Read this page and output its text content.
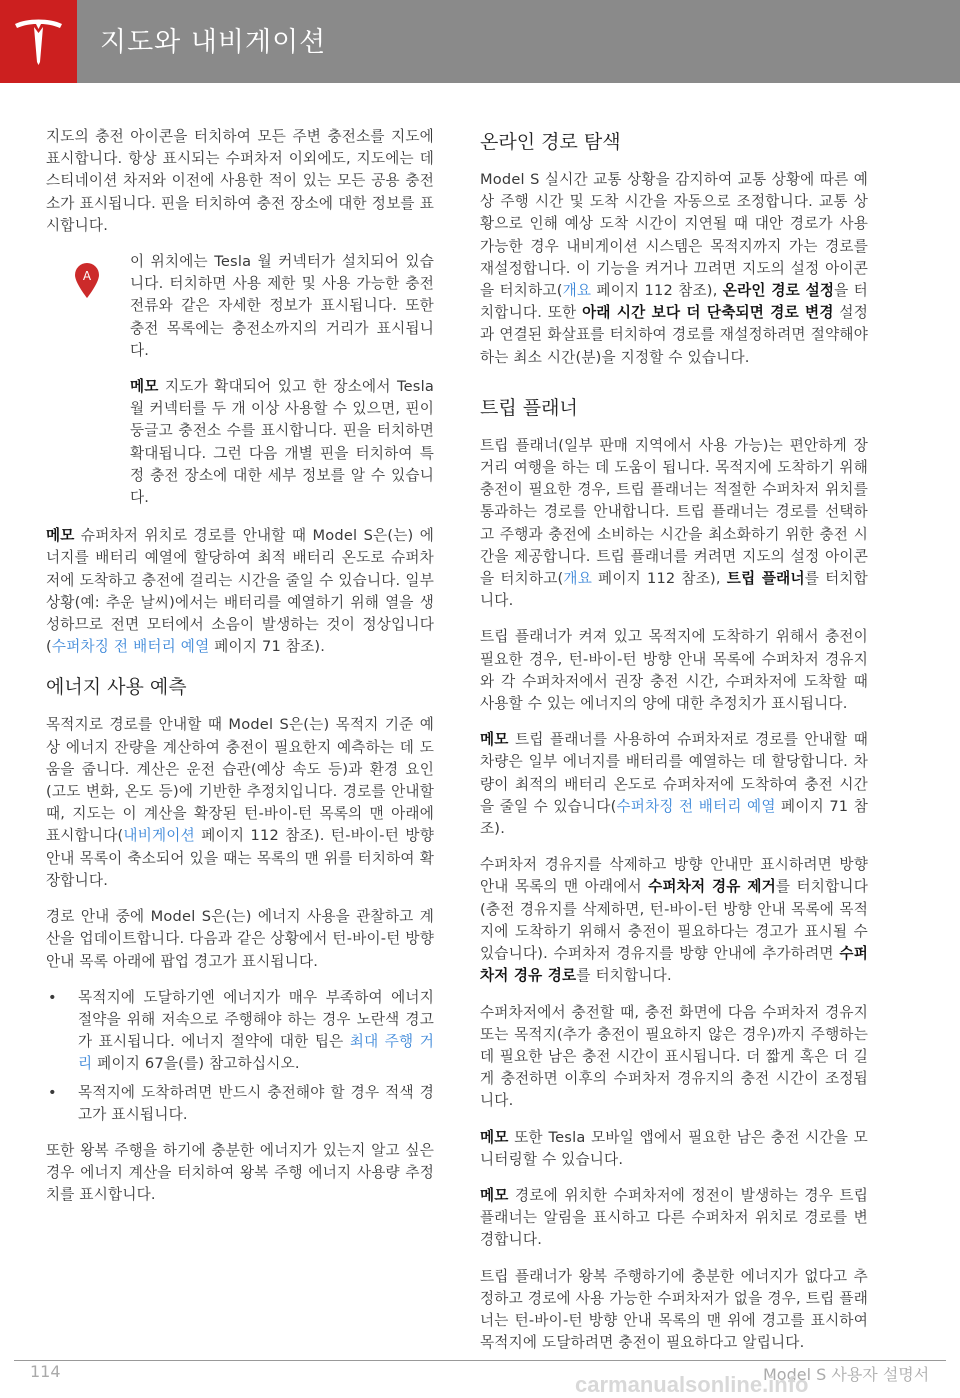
지도와 내비게이션

지도의 충전 아이콘을 터치하여 모든 주변 충전소를 지도에 표시합니다. 항상 표시되는 수퍼차저 이외에도, 지도에는 데스티네이션 차저와 이전에 사용한 적이 있는 모든 공용 충전소가 표시됩니다. 핀을 터치하여 충전 장소에 대한 정보를 표시합니다.

A

이 위치에는 Tesla 월 커넥터가 설치되어 있습니다. 터치하면 사용 제한 및 사용 가능한 충전 전류와 같은 자세한 정보가 표시됩니다. 또한 충전 목록에는 충전소까지의 거리가 표시됩니다.

메모 지도가 확대되어 있고 한 장소에서 Tesla 월 커넥터를 두 개 이상 사용할 수 있으면, 핀이 둥글고 충전소 수를 표시합니다. 핀을 터치하면 확대됩니다. 그런 다음 개별 핀을 터치하여 특정 충전 장소에 대한 세부 정보를 알 수 있습니다.

메모 슈퍼차저 위치로 경로를 안내할 때 Model S은(는) 에너지를 배터리 예열에 할당하여 최적 배터리 온도로 슈퍼차저에 도착하고 충전에 걸리는 시간을 줄일 수 있습니다. 일부 상황(예: 추운 날씨)에서는 배터리를 예열하기 위해 열을 생성하므로 전면 모터에서 소음이 발생하는 것이 정상입니다(수퍼차징 전 배터리 예열 페이지 71 참조).

에너지 사용 예측

목적지로 경로를 안내할 때 Model S은(는) 목적지 기준 예상 에너지 잔량을 계산하여 충전이 필요한지 예측하는 데 도움을 줍니다. 계산은 운전 습관(예상 속도 등)과 환경 요인(고도 변화, 온도 등)에 기반한 추정치입니다. 경로를 안내할 때, 지도는 이 계산을 확장된 턴-바이-턴 목록의 맨 아래에 표시합니다(내비게이션 페이지 112 참조). 턴-바이-턴 방향 안내 목록이 축소되어 있을 때는 목록의 맨 위를 터치하여 확장합니다.

경로 안내 중에 Model S은(는) 에너지 사용을 관찰하고 계산을 업데이트합니다. 다음과 같은 상황에서 턴-바이-턴 방향 안내 목록 아래에 팝업 경고가 표시됩니다.

• 목적지에 도달하기엔 에너지가 매우 부족하여 에너지 절약을 위해 저속으로 주행해야 하는 경우 노란색 경고가 표시됩니다. 에너지 절약에 대한 팁은 최대 주행 거리 페이지 67을(를) 참고하십시오.
• 목적지에 도착하려면 반드시 충전해야 할 경우 적색 경고가 표시됩니다.

또한 왕복 주행을 하기에 충분한 에너지가 있는지 알고 싶은 경우 에너지 계산을 터치하여 왕복 주행 에너지 사용량 추정치를 표시합니다.

온라인 경로 탐색

Model S 실시간 교통 상황을 감지하여 교통 상황에 따른 예상 주행 시간 및 도착 시간을 자동으로 조정합니다. 교통 상황으로 인해 예상 도착 시간이 지연될 때 대안 경로가 사용 가능한 경우 내비게이션 시스템은 목적지까지 가는 경로를 재설정합니다. 이 기능을 켜거나 끄려면 지도의 설정 아이콘을 터치하고(개요 페이지 112 참조), 온라인 경로 설정을 터치합니다. 또한 아래 시간 보다 더 단축되면 경로 변경 설정과 연결된 화살표를 터치하여 경로를 재설정하려면 절약해야 하는 최소 시간(분)을 지정할 수 있습니다.

트립 플래너

트립 플래너(일부 판매 지역에서 사용 가능)는 편안하게 장거리 여행을 하는 데 도움이 됩니다. 목적지에 도착하기 위해 충전이 필요한 경우, 트립 플래너는 적절한 수퍼차저 위치를 통과하는 경로를 안내합니다. 트립 플래너는 경로를 선택하고 주행과 충전에 소비하는 시간을 최소화하기 위한 충전 시간을 제공합니다. 트립 플래너를 켜려면 지도의 설정 아이콘을 터치하고(개요 페이지 112 참조), 트립 플래너를 터치합니다.

트립 플래너가 켜져 있고 목적지에 도착하기 위해서 충전이 필요한 경우, 턴-바이-턴 방향 안내 목록에 수퍼차저 경유지와 각 수퍼차저에서 권장 충전 시간, 수퍼차저에 도착할 때 사용할 수 있는 에너지의 양에 대한 추정치가 표시됩니다.

메모 트립 플래너를 사용하여 슈퍼차저로 경로를 안내할 때 차량은 일부 에너지를 배터리를 예열하는 데 할당합니다. 차량이 최적의 배터리 온도로 슈퍼차저에 도착하여 충전 시간을 줄일 수 있습니다(수퍼차징 전 배터리 예열 페이지 71 참조).

수퍼차저 경유지를 삭제하고 방향 안내만 표시하려면 방향 안내 목록의 맨 아래에서 수퍼차저 경유 제거를 터치합니다(충전 경유지를 삭제하면, 턴-바이-턴 방향 안내 목록에 목적지에 도착하기 위해서 충전이 필요하다는 경고가 표시될 수 있습니다). 수퍼차저 경유지를 방향 안내에 추가하려면 수퍼차저 경유 경로를 터치합니다.

수퍼차저에서 충전할 때, 충전 화면에 다음 수퍼차저 경유지 또는 목적지(추가 충전이 필요하지 않은 경우)까지 주행하는 데 필요한 남은 충전 시간이 표시됩니다. 더 짧게 혹은 더 길게 충전하면 이후의 수퍼차저 경유지의 충전 시간이 조정됩니다.

메모 또한 Tesla 모바일 앱에서 필요한 남은 충전 시간을 모니터링할 수 있습니다.

메모 경로에 위치한 수퍼차저에 정전이 발생하는 경우 트립 플래너는 알림을 표시하고 다른 수퍼차저 위치로 경로를 변경합니다.

트립 플래너가 왕복 주행하기에 충분한 에너지가 없다고 추정하고 경로에 사용 가능한 수퍼차저가 없을 경우, 트립 플래너는 턴-바이-턴 방향 안내 목록의 맨 위에 경고를 표시하여 목적지에 도달하려면 충전이 필요하다고 알립니다.

114	Model S 사용자 설명서
carmanualsonline.info
